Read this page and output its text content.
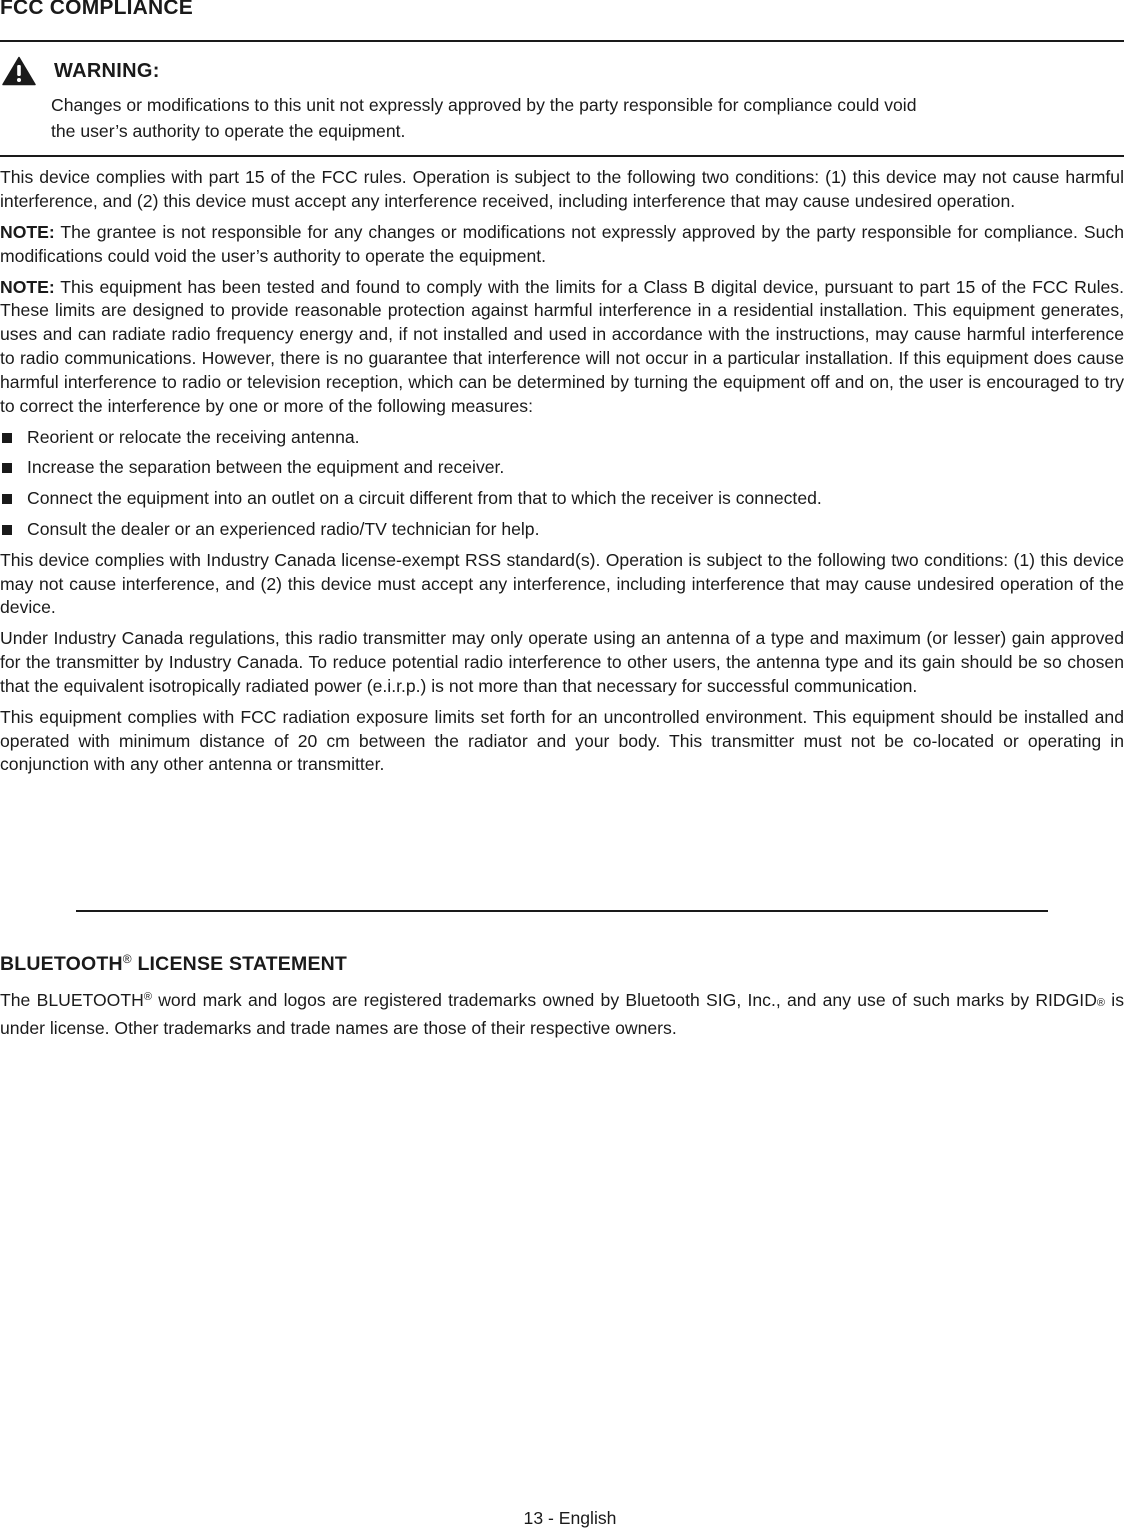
FCC COMPLIANCE
WARNING:

Changes or modifications to this unit not expressly approved by the party responsible for compliance could void
the user’s authority to operate the equipment.

This device complies with part 15 of the FCC rules. Operation is subject to the following two conditions: (1) this device may not cause harmful interference, and (2) this device must accept any interference received, including interference that may cause undesired operation.

NOTE: The grantee is not responsible for any changes or modifications not expressly approved by the party responsible for compliance. Such modifications could void the user’s authority to operate the equipment.

NOTE: This equipment has been tested and found to comply with the limits for a Class B digital device, pursuant to part 15 of the FCC Rules. These limits are designed to provide reasonable protection against harmful interference in a residential installation. This equipment generates, uses and can radiate radio frequency energy and, if not installed and used in accordance with the instructions, may cause harmful interference to radio communications. However, there is no guarantee that interference will not occur in a particular installation. If this equipment does cause harmful interference to radio or television reception, which can be determined by turning the equipment off and on, the user is encouraged to try to correct the interference by one or more of the following measures:

Reorient or relocate the receiving antenna.
Increase the separation between the equipment and receiver.
Connect the equipment into an outlet on a circuit different from that to which the receiver is connected.
Consult the dealer or an experienced radio/TV technician for help.

This device complies with Industry Canada license-exempt RSS standard(s). Operation is subject to the following two conditions: (1) this device may not cause interference, and (2) this device must accept any interference, including interference that may cause undesired operation of the device.

Under Industry Canada regulations, this radio transmitter may only operate using an antenna of a type and maximum (or lesser) gain approved for the transmitter by Industry Canada. To reduce potential radio interference to other users, the antenna type and its gain should be so chosen that the equivalent isotropically radiated power (e.i.r.p.) is not more than that necessary for successful communication.

This equipment complies with FCC radiation exposure limits set forth for an uncontrolled environment. This equipment should be installed and operated with minimum distance of 20 cm between the radiator and your body. This transmitter must not be co-located or operating in conjunction with any other antenna or transmitter.

BLUETOOTH® LICENSE STATEMENT

The BLUETOOTH® word mark and logos are registered trademarks owned by Bluetooth SIG, Inc., and any use of such marks by RIDGID® is under license. Other trademarks and trade names are those of their respective owners.

13 - English
